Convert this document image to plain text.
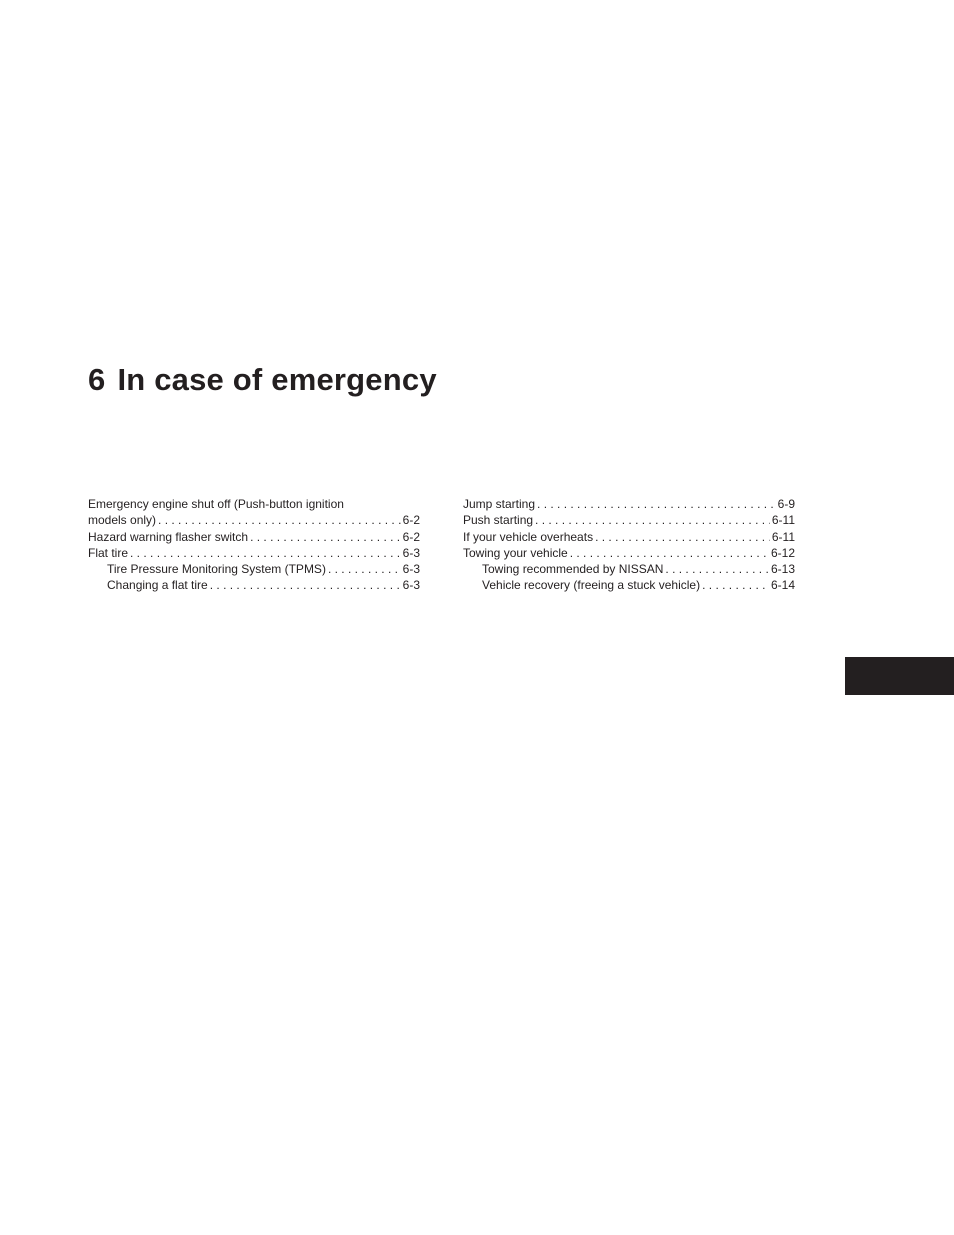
6 In case of emergency
Emergency engine shut off (Push-button ignition
models only) . . .	6-2
Hazard warning flasher switch . . .	6-2
Flat tire . . .	6-3
Tire Pressure Monitoring System (TPMS) . . .	6-3
Changing a flat tire . . .	6-3
Jump starting . . .	6-9
Push starting . . .	6-11
If your vehicle overheats . . .	6-11
Towing your vehicle . . .	6-12
Towing recommended by NISSAN . . .	6-13
Vehicle recovery (freeing a stuck vehicle) . . .	6-14
